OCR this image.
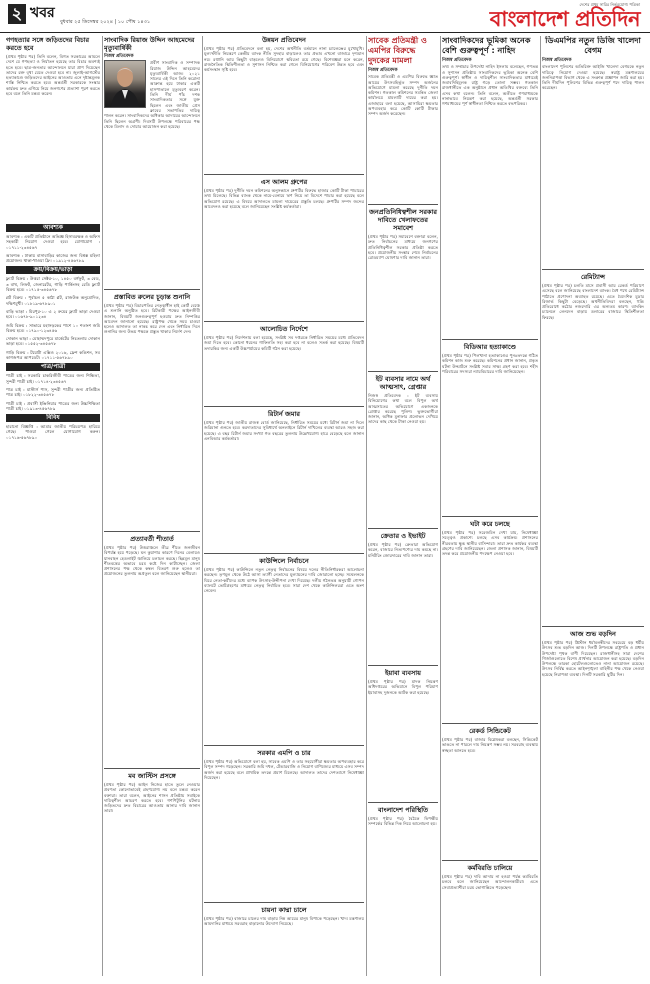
২ খবর
বুধবার ২৫ ডিসেম্বর ২০২৪ | ১০ পৌষ ১৪৩১
দেশের প্রথম সারির নির্ভরযোগ্য পত্রিকা
বাংলাদেশ প্রতিদিন
গণহত্যার সঙ্গে জড়িতদের বিচার করতে হবে

(প্রথম পৃষ্ঠার পর) তিনি বলেন, বিগত সরকারের আমলে দেশে যে গণহত্যা ও নির্যাতন হয়েছে তার বিচার অবশ্যই হতে হবে। ছাত্র-জনতার আন্দোলনে যারা প্রাণ দিয়েছেন তাদের রক্ত বৃথা যেতে দেওয়া হবে না। জুলাই-আগস্টের হত্যাকাণ্ডে জড়িতদের আইনের আওতায় এনে দৃষ্টান্তমূলক শাস্তি নিশ্চিত করতে হবে। অন্তর্বর্তী সরকারকে সংস্কার কার্যক্রম দ্রুত এগিয়ে নিয়ে জনগণের প্রত্যাশা পূরণ করতে হবে বলে তিনি মন্তব্য করেন।

আবশ্যক

আবশ্যক : একটি প্রতিষ্ঠানে অভিজ্ঞ হিসাবরক্ষক ও অফিস সহকারী নিয়োগ দেওয়া হবে। যোগাযোগ : ০১৭১১-২৩৪৫৬৭

আবশ্যক : ঢাকায় বাসাবাড়ির কাজের জন্য বিশ্বস্ত মহিলা প্রয়োজন। থাকা-খাওয়া ফ্রি। ০১৯১২-৪৫৬৭৮৯

ক্রয়/বিক্রয়/ভাড়া

ফ্ল্যাট বিক্রয় : উত্তরা সেক্টর-১০, ১৪৫০ বর্গফুট, ৩ বেড, ৩ বাথ, লিফট, জেনারেটর, গাড়ি পার্কিংসহ রেডি ফ্ল্যাট বিক্রয় হবে। ০১৭১৫-৩৪৫৬৭৮

প্লট বিক্রয় : পূর্বাচল ৫ কাঠা প্লট, রাজউক অনুমোদিত, দক্ষিণমুখী। ০১৮১৯-৬৭৮৯০১

বাড়ি ভাড়া : মিরপুর-১০ এ ২ রুমের ফ্ল্যাট ভাড়া দেওয়া হবে। ০১৬৭৮-৯০১২৩৪

জমি বিক্রয় : সাভারে মহাসড়কের পাশে ১০ শতাংশ জমি বিক্রয় হবে। ০১৭৯০-১২৩৪৫৬

দোকান ভাড়া : মোহাম্মদপুরে মার্কেটের নিচতলায় দোকান ভাড়া হবে। ০১৫৫২-৩৪৫৬৭৮

গাড়ি বিক্রয় : টয়োটা এক্সিও ২০১৬, ফ্রেশ কন্ডিশন, সব কাগজপত্র আপডেট। ০১৭১১-৫৬৭৮৯০

পাত্র/পাত্রী

পাত্রী চাই : সরকারি চাকরিজীবী পাত্রের জন্য শিক্ষিতা, সুন্দরী পাত্রী চাই। ০১৭১৪-২৩৪৫৬৭

পাত্র চাই : মাস্টার্স পাস, সুন্দরী পাত্রীর জন্য প্রতিষ্ঠিত পাত্র চাই। ০১৮২২-৩৪৫৬৭৮

পাত্রী চাই : প্রবাসী ইঞ্জিনিয়ার পাত্রের জন্য উচ্চশিক্ষিতা পাত্রী চাই। ০১৯১৩-৪৫৬৭৮৯

বিবিধ

হারানো বিজ্ঞপ্তি : আমার জাতীয় পরিচয়পত্র হারিয়ে গেছে। পাওয়া গেলে যোগাযোগ করুন। ০১৭১৬-৫৬৭৮৯০

সাংবাদিক রিয়াজ উদ্দিন আহমেদের মৃত্যুবার্ষিকী
নিজস্ব প্রতিবেদক

প্রবীণ সাংবাদিক ও সম্পাদক রিয়াজ উদ্দিন আহমেদের মৃত্যুবার্ষিকী আজ। ২০২১ সালের এই দিনে তিনি করোনা আক্রান্ত হয়ে ঢাকার একটি হাসপাতালে মৃত্যুবরণ করেন। তিনি দীর্ঘ পাঁচ দশক সাংবাদিকতার সঙ্গে যুক্ত ছিলেন এবং জাতীয় প্রেস ক্লাবের সভাপতির দায়িত্ব পালন করেন। সাংবাদিকদের অধিকার আদায়ের আন্দোলনে তিনি ছিলেন অগ্রণী। দিবসটি উপলক্ষে পরিবারের পক্ষ থেকে মিলাদ ও দোয়ার আয়োজন করা হয়েছে।

প্রস্তাবিত রুলের চূড়ান্ত শুনানি

(প্রথম পৃষ্ঠার পর) বিচারপতির নেতৃত্বাধীন হাই কোর্ট বেঞ্চে এ শুনানি অনুষ্ঠিত হবে। রিটকারী পক্ষের আইনজীবী জানান, বিষয়টি জনগুরুত্বপূর্ণ হওয়ায় দ্রুত নিষ্পত্তির আবেদন জানানো হয়েছে। রাষ্ট্রপক্ষ থেকে সময় চাওয়া হলেও আদালত তা নাকচ করে দেন এবং নির্ধারিত দিনে শুনানির জন্য উভয় পক্ষকে প্রস্তুত থাকার নির্দেশ দেন।

প্রত্যাবর্তী শীতার্ত

(প্রথম পৃষ্ঠার পর) উত্তরাঞ্চলে তীব্র শীতে জনজীবন বিপর্যস্ত হয়ে পড়েছে। ঘন কুয়াশার কারণে দিনের বেলায়ও যানবাহন হেডলাইট জ্বালিয়ে চলাচল করছে। ছিন্নমূল মানুষ শীতবস্ত্রের অভাবে চরম কষ্টে দিন কাটাচ্ছেন। জেলা প্রশাসনের পক্ষ থেকে কম্বল বিতরণ শুরু হলেও তা প্রয়োজনের তুলনায় অপ্রতুল বলে জানিয়েছেন স্থানীয়রা।

মব জাস্টিস প্রসঙ্গে

(প্রথম পৃষ্ঠার পর) আইন নিজের হাতে তুলে নেওয়ার প্রবণতা কোনোভাবেই গ্রহণযোগ্য নয় বলে মন্তব্য করেন বক্তারা। তারা বলেন, আইনের শাসন প্রতিষ্ঠায় সবাইকে দায়িত্বশীল আচরণ করতে হবে। গণপিটুনির ঘটনায় জড়িতদের দ্রুত বিচারের আওতায় আনার দাবি জানান তারা।

উন্নয়ন প্রতিবেদন

(প্রথম পৃষ্ঠার পর) প্রতিবেদনে বলা হয়, দেশের অর্থনীতি বর্তমানে নানা চ্যালেঞ্জের মুখোমুখি। মূল্যস্ফীতি নিয়ন্ত্রণে কেন্দ্রীয় ব্যাংক নীতি সুদহার বাড়ালেও তার প্রভাব এখনো বাজারে দৃশ্যমান নয়। রপ্তানি আয় কিছুটা বাড়লেও বিনিয়োগে স্থবিরতা রয়ে গেছে। বিশেষজ্ঞরা মনে করেন, রাজনৈতিক স্থিতিশীলতা ও সুশাসন নিশ্চিত করা গেলে বিনিয়োগের পরিবেশ উন্নত হবে এবং কর্মসংস্থান সৃষ্টি হবে।

এস আলম গ্রুপের

(প্রথম পৃষ্ঠার পর) দুর্নীতি দমন কমিশনের অনুসন্ধানে গ্রুপটির বিরুদ্ধে হাজার কোটি টাকা পাচারের তথ্য মিলেছে। বিভিন্ন ব্যাংক থেকে নামে-বেনামে ঋণ নিয়ে তা বিদেশে পাচার করা হয়েছে বলে অভিযোগ রয়েছে। এ বিষয়ে আদালতে মামলা দায়েরের প্রস্তুতি চলছে। গ্রুপটির সম্পদ জব্দের আবেদনও করা হয়েছে বলে জানিয়েছেন সংশ্লিষ্ট কর্মকর্তারা।

আলোচিত নির্দেশে

(প্রথম পৃষ্ঠার পর) নির্দেশনায় বলা হয়েছে, সংশ্লিষ্ট সব দপ্তরকে নির্ধারিত সময়ের মধ্যে প্রতিবেদন জমা দিতে হবে। কোনো ধরনের গাফিলতি সহ্য করা হবে না বলেও সতর্ক করা হয়েছে। বিষয়টি তদারকির জন্য একটি উচ্চপর্যায়ের কমিটি গঠন করা হয়েছে।

রিটার্ন জমার

(প্রথম পৃষ্ঠার পর) জাতীয় রাজস্ব বোর্ড জানিয়েছে, নির্ধারিত সময়ের মধ্যে রিটার্ন জমা না দিলে জরিমানা গুনতে হবে। করদাতাদের সুবিধার্থে অনলাইনে রিটার্ন দাখিলের ব্যবস্থা আরও সহজ করা হয়েছে। এ বছর রিটার্ন জমার সংখ্যা গত বছরের তুলনায় উল্লেখযোগ্য হারে বেড়েছে বলে জানান এনবিআর কর্মকর্তারা।

কাউন্সিলে নির্বাচনে

(প্রথম পৃষ্ঠার পর) কাউন্সিলে নতুন নেতৃত্ব নির্বাচনের বিষয়ে দলের নীতিনির্ধারকরা আলোচনা করছেন। তৃণমূল থেকে উঠে আসা ত্যাগী নেতাদের মূল্যায়নের দাবি জোরালো হচ্ছে। সম্মেলনকে ঘিরে নেতা-কর্মীদের মধ্যে ব্যাপক উৎসাহ-উদ্দীপনা দেখা দিয়েছে। দলীয় গঠনতন্ত্র অনুযায়ী গোপন ব্যালটে ভোটগ্রহণের মাধ্যমে নেতৃত্ব নির্বাচিত হবে। সারা দেশ থেকে কাউন্সিলররা এতে অংশ নেবেন।

সরকার এমপি ও চার

(প্রথম পৃষ্ঠার পর) অভিযোগে বলা হয়, সাবেক এমপি ও তার সহযোগীরা ক্ষমতার অপব্যবহার করে বিপুল সম্পদ গড়েছেন। সরকারি জমি দখল, টেন্ডারবাজি ও নিয়োগ বাণিজ্যের মাধ্যমে এসব সম্পদ অর্জন করা হয়েছে বলে প্রাথমিক তদন্তে প্রমাণ মিলেছে। আদালত তাদের দেশত্যাগে নিষেধাজ্ঞা দিয়েছেন।

চায়না কাদ্মা চালে

(প্রথম পৃষ্ঠার পর) বাজারে চালের দাম বাড়ায় নিম্ন আয়ের মানুষ বিপাকে পড়েছেন। খাদ্য মন্ত্রণালয় আমদানির মাধ্যমে সরবরাহ বাড়ানোর উদ্যোগ নিয়েছে।

সাবেক প্রতিমন্ত্রী ও এমপির বিরুদ্ধে দুদকের মামলা
নিজস্ব প্রতিবেদক

সাবেক প্রতিমন্ত্রী ও এমপির বিরুদ্ধে জ্ঞাত আয়ের উৎসবহির্ভূত সম্পদ অর্জনের অভিযোগে মামলা করেছে দুর্নীতি দমন কমিশন। গতকাল কমিশনের সমন্বিত জেলা কার্যালয়ে মামলাটি দায়ের করা হয়। এজাহারে বলা হয়েছে, আসামিরা ক্ষমতার অপব্যবহার করে কোটি কোটি টাকার সম্পদ অর্জন করেছেন।

জনপ্রতিনিধিত্বশীল সরকার দাবিতে খেলাফতের সমাবেশ

(প্রথম পৃষ্ঠার পর) সমাবেশে বক্তারা বলেন, দ্রুত নির্বাচনের মাধ্যমে জনগণের প্রতিনিধিত্বশীল সরকার প্রতিষ্ঠা করতে হবে। প্রয়োজনীয় সংস্কার শেষে নির্বাচনের রোডম্যাপ ঘোষণার দাবি জানান তারা।

ইট ব্যবসার নামে অর্থ আত্মসাৎ, গ্রেপ্তার

নিজস্ব প্রতিবেদক : ইট ব্যবসায় বিনিয়োগের কথা বলে বিপুল অর্থ আত্মসাতের অভিযোগে একজনকে গ্রেপ্তার করেছে পুলিশ। ভুক্তভোগীরা জানান, অধিক মুনাফার প্রলোভন দেখিয়ে তাদের কাছ থেকে টাকা নেওয়া হয়।

ক্রেতার ও ইভাইট

(প্রথম পৃষ্ঠার পর) ক্রেতারা অভিযোগ করেন, বাজারে নিত্যপণ্যের দাম কমছে না। মনিটরিং জোরদারের দাবি জানান তারা।

ইয়াবা ব্যবসায়

(প্রথম পৃষ্ঠার পর) মাদক নিয়ন্ত্রণ অধিদপ্তরের অভিযানে বিপুল পরিমাণ ইয়াবাসহ দুজনকে আটক করা হয়েছে।

বাংলাদেশ পরিস্থিতি

(প্রথম পৃষ্ঠার পর) বৈঠকে দ্বিপক্ষীয় সম্পর্কের বিভিন্ন দিক নিয়ে আলোচনা হয়।

সাংবাদিকদের ভূমিকা অনেক বেশি গুরুত্বপূর্ণ : নাহিদ
নিজস্ব প্রতিবেদক

তথ্য ও সম্প্রচার উপদেষ্টা নাহিদ ইসলাম বলেছেন, গণতন্ত্র ও সুশাসন প্রতিষ্ঠায় সাংবাদিকদের ভূমিকা অনেক বেশি গুরুত্বপূর্ণ। স্বাধীন ও দায়িত্বশীল সাংবাদিকতার মাধ্যমেই জবাবদিহিমূলক রাষ্ট্র গড়ে তোলা সম্ভব। গতকাল রাজধানীতে এক অনুষ্ঠানে প্রধান অতিথির বক্তব্যে তিনি এসব কথা বলেন। তিনি বলেন, অতীতে গণমাধ্যমকে নানাভাবে নিয়ন্ত্রণ করা হয়েছে, অন্তর্বর্তী সরকার গণমাধ্যমের পূর্ণ স্বাধীনতা নিশ্চিত করতে বদ্ধপরিকর।

বিডিআর হত্যাকাণ্ডে

(প্রথম পৃষ্ঠার পর) পিলখানা হত্যাকাণ্ডের পুনঃতদন্তে গঠিত কমিশন কাজ শুরু করেছে। কমিশনের প্রধান জানান, প্রকৃত ঘটনা উদ্ঘাটনে সংশ্লিষ্ট সবার সাক্ষ্য গ্রহণ করা হবে। শহীদ পরিবারের সদস্যরা ন্যায়বিচারের দাবি জানিয়েছেন।

ঘটা করে চলছে

(প্রথম পৃষ্ঠার পর) সরেজমিন দেখা যায়, নিষেধাজ্ঞা সত্ত্বেও প্রকাশ্যে চলছে এসব কার্যক্রম। প্রশাসনের নীরবতায় ক্ষুব্ধ স্থানীয় বাসিন্দারা। তারা দ্রুত কার্যকর ব্যবস্থা গ্রহণের দাবি জানিয়েছেন। জেলা প্রশাসক জানান, বিষয়টি তদন্ত করে প্রয়োজনীয় পদক্ষেপ নেওয়া হবে।

রেকর্ড সিন্ডিকেট

(প্রথম পৃষ্ঠার পর) বাজার বিশ্লেষকরা বলছেন, সিন্ডিকেট ভাঙতে না পারলে দাম নিয়ন্ত্রণ সম্ভব নয়। সরবরাহ ব্যবস্থায় স্বচ্ছতা আনতে হবে।

কর্মবিরতি চালিয়ে

(প্রথম পৃষ্ঠার পর) দাবি আদায় না হওয়া পর্যন্ত কর্মবিরতি চলবে বলে জানিয়েছেন আন্দোলনকারীরা। এতে সেবাপ্রত্যাশীরা চরম ভোগান্তিতে পড়েছেন।

ডিএমপির নতুন ডিজি খালেদা বেগম
নিজস্ব প্রতিবেদক

বাংলাদেশ পুলিশের অতিরিক্ত আইজি খালেদা বেগমকে নতুন দায়িত্বে নিয়োগ দেওয়া হয়েছে। স্বরাষ্ট্র মন্ত্রণালয়ের জননিরাপত্তা বিভাগ থেকে এ সংক্রান্ত প্রজ্ঞাপন জারি করা হয়। তিনি দীর্ঘদিন পুলিশের বিভিন্ন গুরুত্বপূর্ণ পদে দায়িত্ব পালন করেছেন।

রেমিট্যান্স

(প্রথম পৃষ্ঠার পর) চলতি মাসে প্রবাসী আয় রেকর্ড পরিমাণে এসেছে বলে জানিয়েছে বাংলাদেশ ব্যাংক। বৈধ পথে রেমিট্যান্স পাঠাতে প্রণোদনা অব্যাহত রয়েছে। এতে বৈদেশিক মুদ্রার রিজার্ভ কিছুটা বেড়েছে। অর্থনীতিবিদরা বলছেন, হুন্ডি প্রতিরোধে কঠোর নজরদারি এর অন্যতম কারণ। ব্যাংকিং চ্যানেলে লেনদেন বাড়ায় ডলারের বাজারে স্থিতিশীলতা ফিরছে।

আজ শুভ বড়দিন

(প্রথম পৃষ্ঠার পর) খ্রিস্টান ধর্মাবলম্বীদের সবচেয়ে বড় ধর্মীয় উৎসব শুভ বড়দিন আজ। দিনটি উপলক্ষে রাষ্ট্রপতি ও প্রধান উপদেষ্টা পৃথক বাণী দিয়েছেন। রাজধানীসহ সারা দেশের গির্জাগুলোতে বিশেষ প্রার্থনার আয়োজন করা হয়েছে। বড়দিন উপলক্ষে তারকা হোটেলগুলোতেও নানা আয়োজন রয়েছে। উৎসব নির্বিঘ্ন করতে আইনশৃঙ্খলা বাহিনীর পক্ষ থেকে নেওয়া হয়েছে নিরাপত্তা ব্যবস্থা। দিনটি সরকারি ছুটির দিন।
